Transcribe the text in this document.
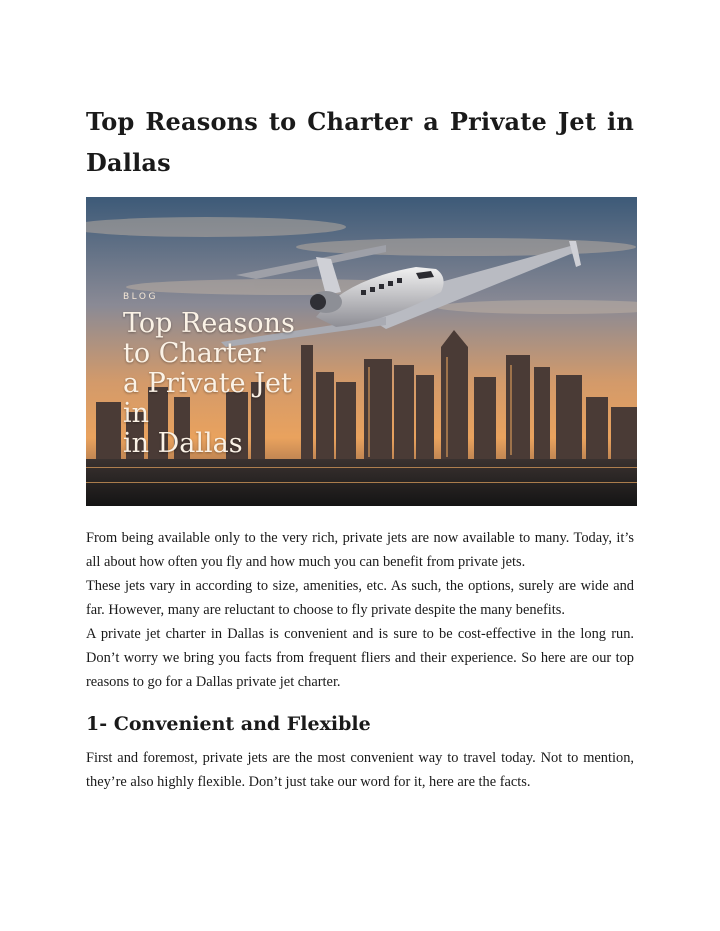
Top Reasons to Charter a Private Jet in Dallas

BLOG

Top Reasons
to Charter
a Private Jet
in
in Dallas

From being available only to the very rich, private jets are now available to many. Today, it’s all about how often you fly and how much you can benefit from private jets.

These jets vary in according to size, amenities, etc. As such, the options, surely are wide and far. However, many are reluctant to choose to fly private despite the many benefits.

A private jet charter in Dallas is convenient and is sure to be cost-effective in the long run. Don’t worry we bring you facts from frequent fliers and their experience. So here are our top reasons to go for a Dallas private jet charter.

1- Convenient and Flexible

First and foremost, private jets are the most convenient way to travel today. Not to mention, they’re also highly flexible. Don’t just take our word for it, here are the facts.
